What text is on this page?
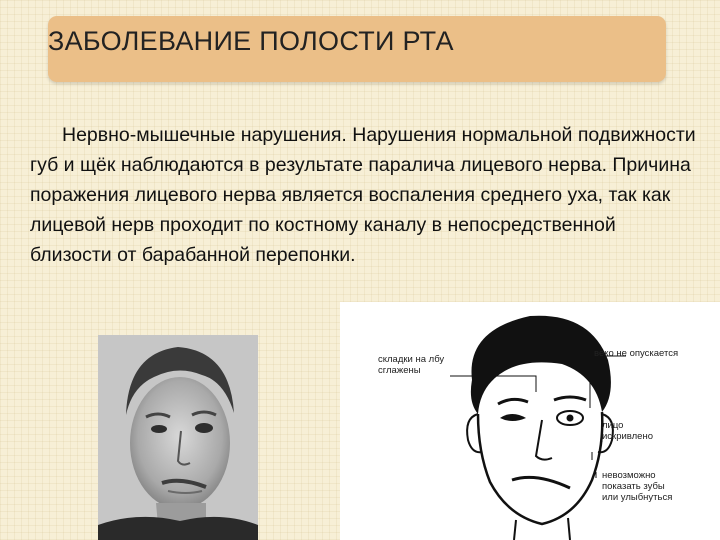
ЗАБОЛЕВАНИЕ ПОЛОСТИ РТА

Нервно-мышечные нарушения. Нарушения нормальной подвижности губ и щёк наблюдаются в результате паралича лицевого нерва. Причина поражения лицевого нерва является воспаления среднего уха, так как лицевой нерв проходит по костному каналу в непосредственной близости от барабанной перепонки.

складки на лбу
сглажены
веко не опускается
лицо
искривлено
невозможно
показать зубы
или улыбнуться
